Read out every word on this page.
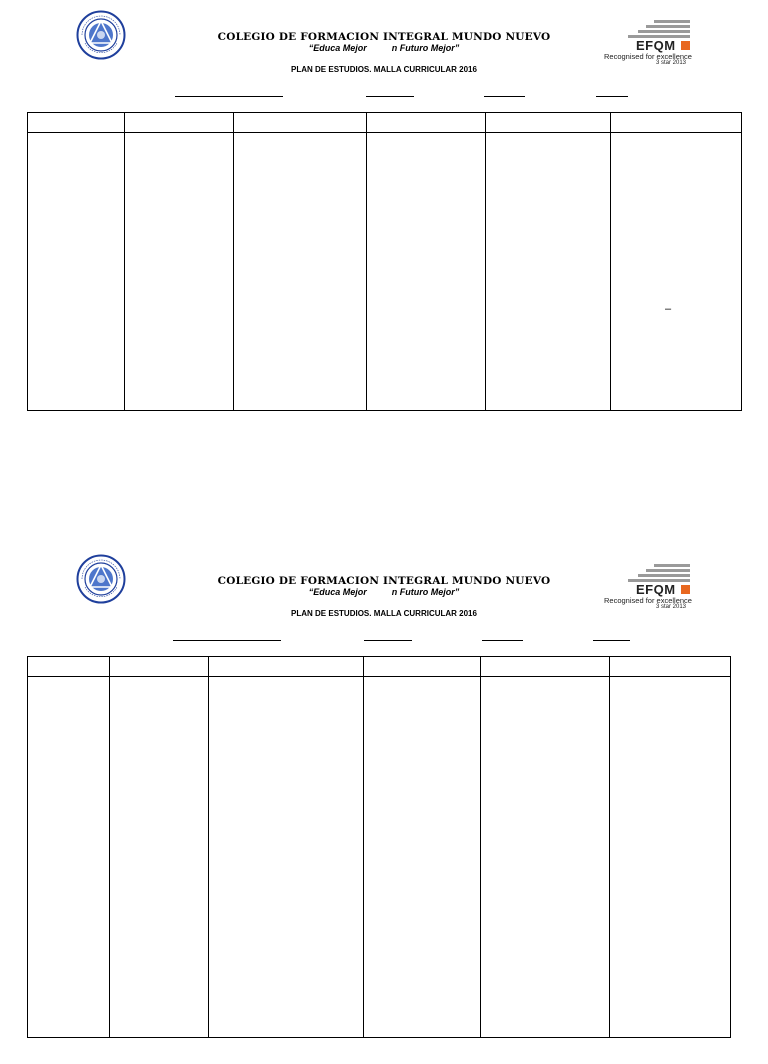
COLEGIO DE FORMACION INTEGRAL MUNDO NUEVO
“Educa Mejor          n Futuro Mejor”
PLAN DE ESTUDIOS. MALLA CURRICULAR 2016
EFQM
Recognised for excellence
3 star 2013
–
COLEGIO DE FORMACION INTEGRAL MUNDO NUEVO
“Educa Mejor          n Futuro Mejor”
PLAN DE ESTUDIOS. MALLA CURRICULAR 2016
EFQM
Recognised for excellence
3 star 2013
